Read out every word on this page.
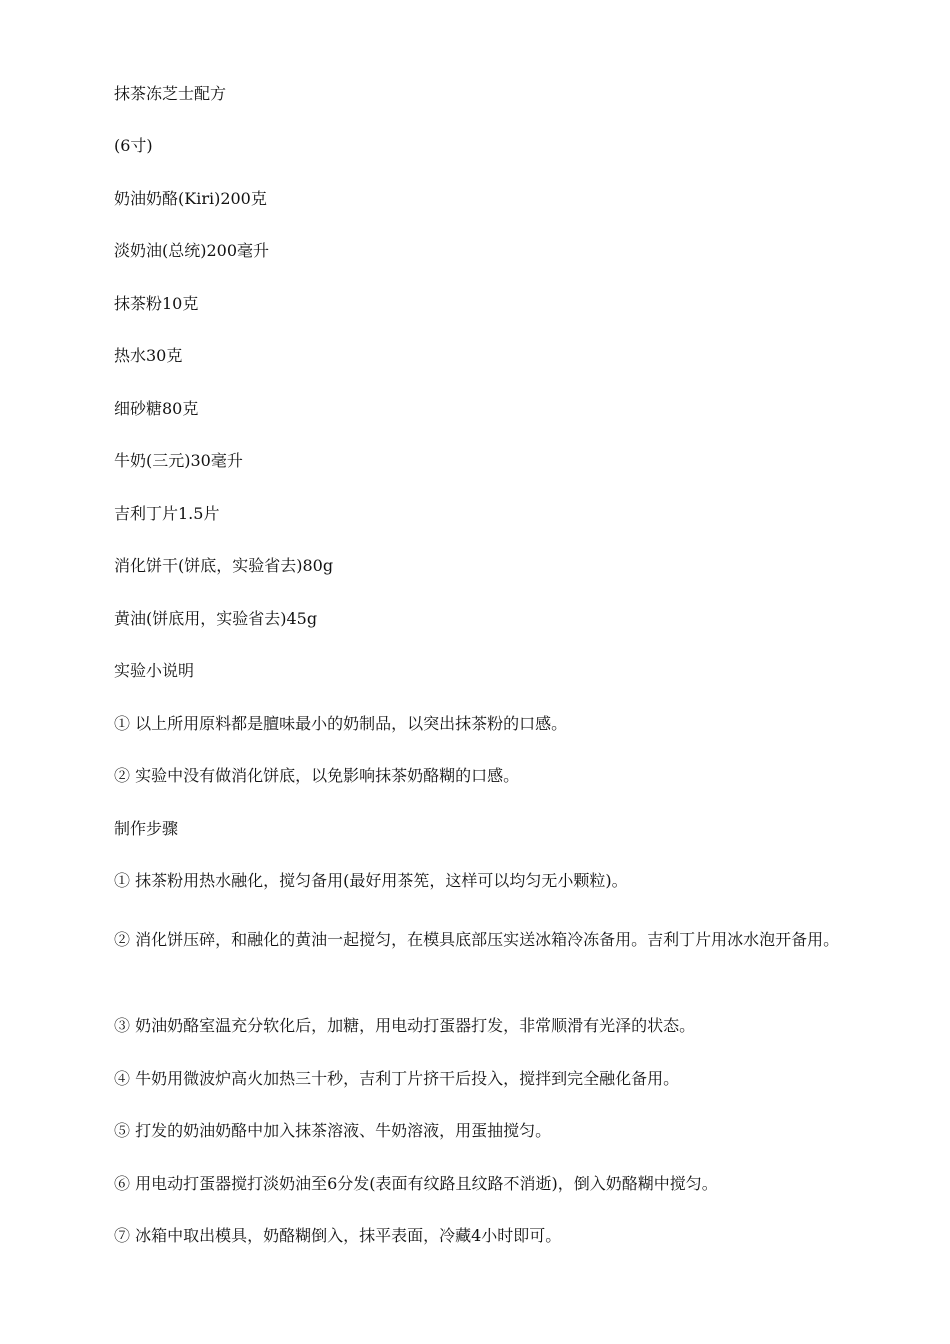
抹茶冻芝士配方

(6寸)

奶油奶酪(Kiri)200克

淡奶油(总统)200毫升

抹茶粉10克

热水30克

细砂糖80克

牛奶(三元)30毫升

吉利丁片1.5片

消化饼干(饼底，实验省去)80g

黄油(饼底用，实验省去)45g

实验小说明

① 以上所用原料都是膻味最小的奶制品，以突出抹茶粉的口感。

② 实验中没有做消化饼底，以免影响抹茶奶酪糊的口感。

制作步骤

① 抹茶粉用热水融化，搅匀备用(最好用茶筅，这样可以均匀无小颗粒)。

② 消化饼压碎，和融化的黄油一起搅匀，在模具底部压实送冰箱冷冻备用。吉利丁片用冰水泡开备用。

③ 奶油奶酪室温充分软化后，加糖，用电动打蛋器打发，非常顺滑有光泽的状态。

④ 牛奶用微波炉高火加热三十秒，吉利丁片挤干后投入，搅拌到完全融化备用。

⑤ 打发的奶油奶酪中加入抹茶溶液、牛奶溶液，用蛋抽搅匀。

⑥ 用电动打蛋器搅打淡奶油至6分发(表面有纹路且纹路不消逝)，倒入奶酪糊中搅匀。

⑦ 冰箱中取出模具，奶酪糊倒入，抹平表面，冷藏4小时即可。
